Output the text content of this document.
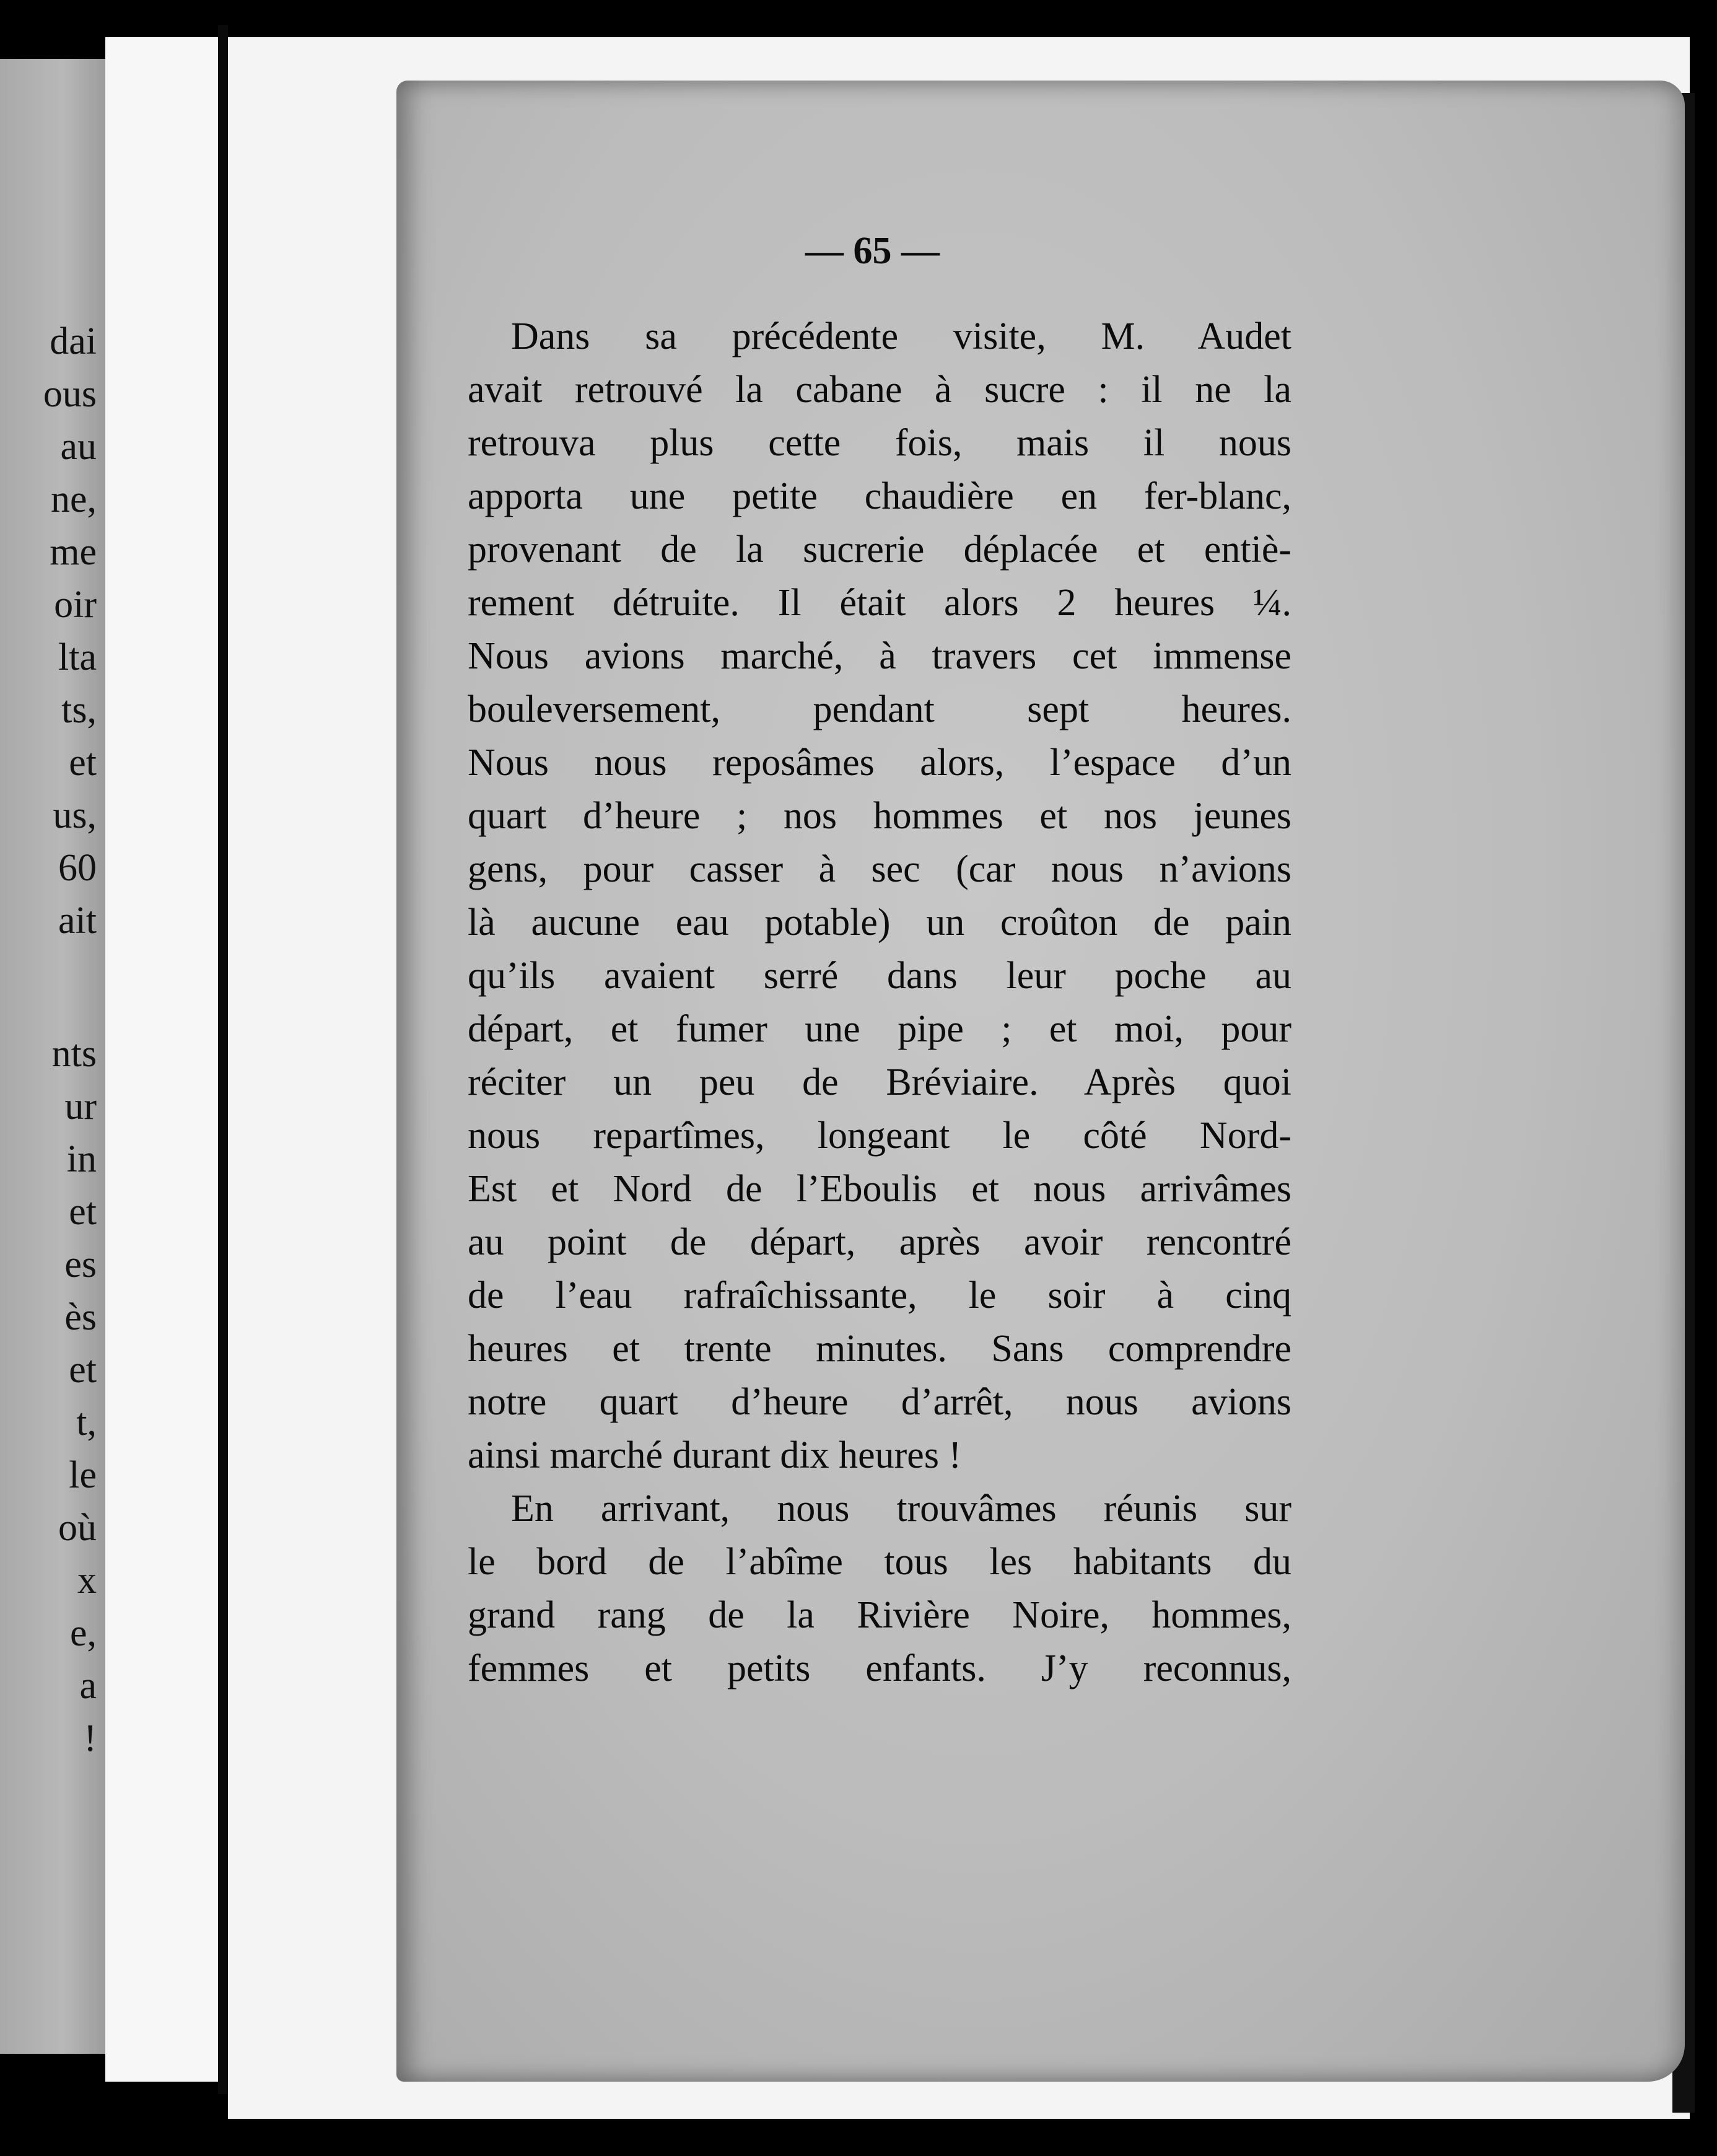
dai
ous
au
ne,
me
oir
lta
ts,
et
us,
60
ait
nts
ur
in
et
es
ès
et
t,
le
où
x
e,
a
!
— 65 —
Dans sa précédente visite, M. Audet
avait retrouvé la cabane à sucre : il ne la
retrouva plus cette fois, mais il nous
apporta une petite chaudière en fer-blanc,
provenant de la sucrerie déplacée et entiè-
rement détruite. Il était alors 2 heures ¼.
Nous avions marché, à travers cet immense
bouleversement, pendant sept heures.
Nous nous reposâmes alors, l’espace d’un
quart d’heure ; nos hommes et nos jeunes
gens, pour casser à sec (car nous n’avions
là aucune eau potable) un croûton de pain
qu’ils avaient serré dans leur poche au
départ, et fumer une pipe ; et moi, pour
réciter un peu de Bréviaire. Après quoi
nous repartîmes, longeant le côté Nord-
Est et Nord de l’Eboulis et nous arrivâmes
au point de départ, après avoir rencontré
de l’eau rafraîchissante, le soir à cinq
heures et trente minutes. Sans comprendre
notre quart d’heure d’arrêt, nous avions
ainsi marché durant dix heures !
En arrivant, nous trouvâmes réunis sur
le bord de l’abîme tous les habitants du
grand rang de la Rivière Noire, hommes,
femmes et petits enfants. J’y reconnus,
